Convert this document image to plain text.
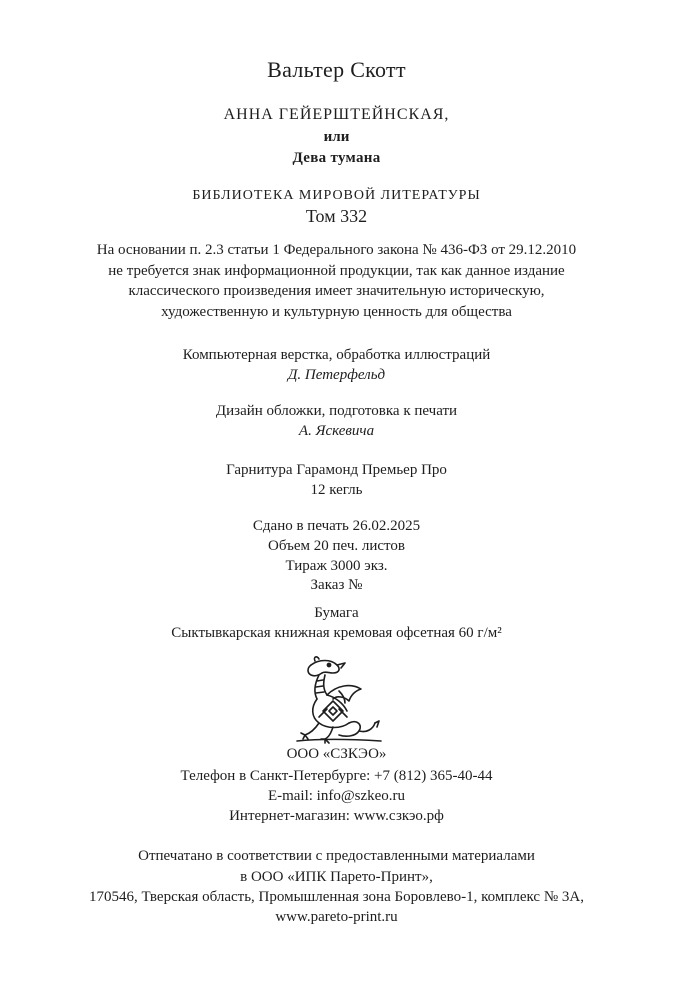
Вальтер Скотт
АННА ГЕЙЕРШТЕЙНСКАЯ,
или
Дева тумана
БИБЛИОТЕКА МИРОВОЙ ЛИТЕРАТУРЫ
Том 332
На основании п. 2.3 статьи 1 Федерального закона № 436-ФЗ от 29.12.2010
не требуется знак информационной продукции, так как данное издание
классического произведения имеет значительную историческую,
художественную и культурную ценность для общества
Компьютерная верстка, обработка иллюстраций
Д. Петерфельд
Дизайн обложки, подготовка к печати
А. Яскевича
Гарнитура Гарамонд Премьер Про
12 кегль
Сдано в печать 26.02.2025
Объем 20 печ. листов
Тираж 3000 экз.
Заказ №
Бумага
Сыктывкарская книжная кремовая офсетная 60 г/м²
ООО «СЗКЭО»
Телефон в Санкт-Петербурге: +7 (812) 365-40-44
E-mail: info@szkeo.ru
Интернет-магазин: www.сзкэо.рф
Отпечатано в соответствии с предоставленными материалами
в ООО «ИПК Парето-Принт»,
170546, Тверская область, Промышленная зона Боровлево-1, комплекс № 3А,
www.pareto-print.ru
